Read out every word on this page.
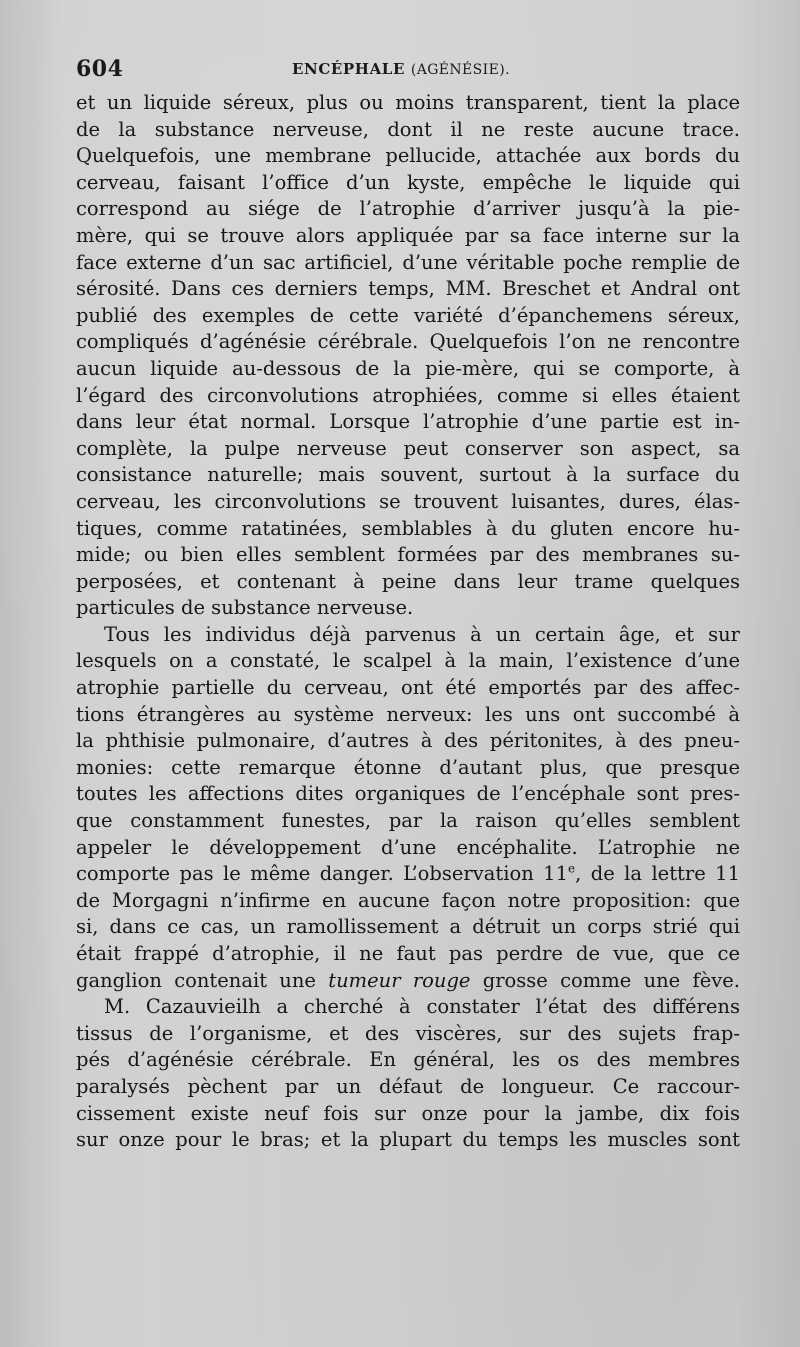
604	ENCÉPHALE (AGÉNÉSIE).
et un liquide séreux, plus ou moins transparent, tient la place
de la substance nerveuse, dont il ne reste aucune trace.
Quelquefois, une membrane pellucide, attachée aux bords du
cerveau, faisant l’office d’un kyste, empêche le liquide qui
correspond au siége de l’atrophie d’arriver jusqu’à la pie-
mère, qui se trouve alors appliquée par sa face interne sur la
face externe d’un sac artificiel, d’une véritable poche remplie de
sérosité. Dans ces derniers temps, MM. Breschet et Andral ont
publié des exemples de cette variété d’épanchemens séreux,
compliqués d’agénésie cérébrale. Quelquefois l’on ne rencontre
aucun liquide au-dessous de la pie-mère, qui se comporte, à
l’égard des circonvolutions atrophiées, comme si elles étaient
dans leur état normal. Lorsque l’atrophie d’une partie est in-
complète, la pulpe nerveuse peut conserver son aspect, sa
consistance naturelle; mais souvent, surtout à la surface du
cerveau, les circonvolutions se trouvent luisantes, dures, élas-
tiques, comme ratatinées, semblables à du gluten encore hu-
mide; ou bien elles semblent formées par des membranes su-
perposées, et contenant à peine dans leur trame quelques
particules de substance nerveuse.
Tous les individus déjà parvenus à un certain âge, et sur
lesquels on a constaté, le scalpel à la main, l’existence d’une
atrophie partielle du cerveau, ont été emportés par des affec-
tions étrangères au système nerveux: les uns ont succombé à
la phthisie pulmonaire, d’autres à des péritonites, à des pneu-
monies: cette remarque étonne d’autant plus, que presque
toutes les affections dites organiques de l’encéphale sont pres-
que constamment funestes, par la raison qu’elles semblent
appeler le développement d’une encéphalite. L’atrophie ne
comporte pas le même danger. L’observation 11e, de la lettre 11
de Morgagni n’infirme en aucune façon notre proposition: que
si, dans ce cas, un ramollissement a détruit un corps strié qui
était frappé d’atrophie, il ne faut pas perdre de vue, que ce
ganglion contenait une tumeur rouge grosse comme une fève.
M. Cazauvieilh a cherché à constater l’état des différens
tissus de l’organisme, et des viscères, sur des sujets frap-
pés d’agénésie cérébrale. En général, les os des membres
paralysés pèchent par un défaut de longueur. Ce raccour-
cissement existe neuf fois sur onze pour la jambe, dix fois
sur onze pour le bras; et la plupart du temps les muscles sont
